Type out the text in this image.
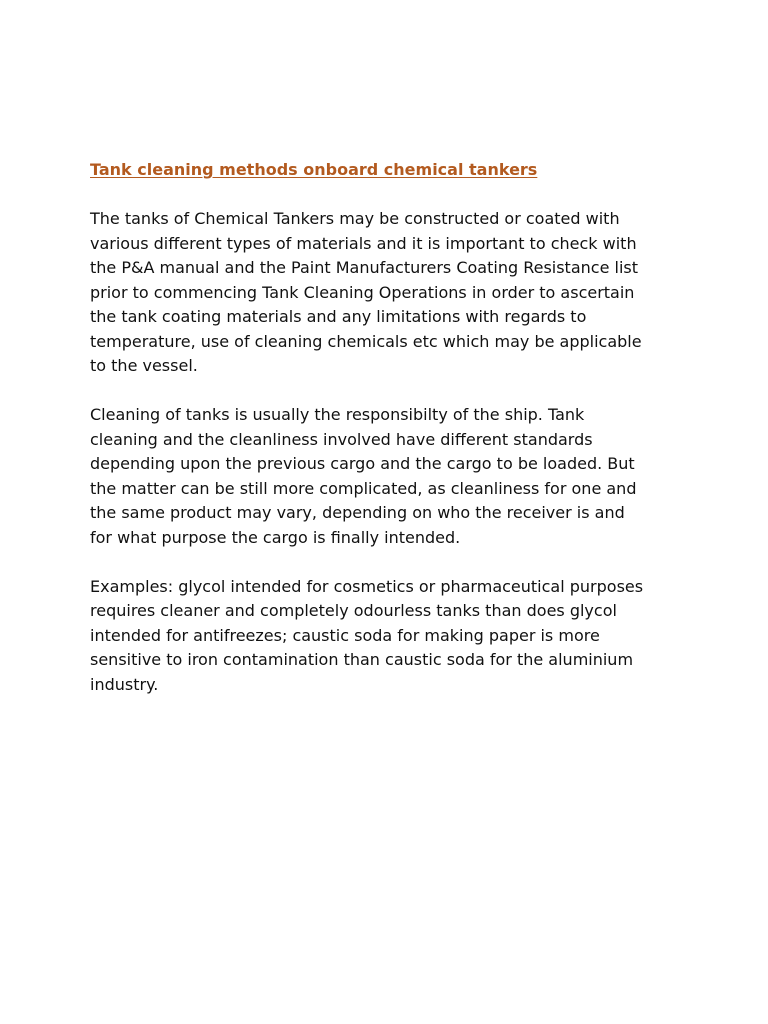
Tank cleaning methods onboard chemical tankers

The tanks of Chemical Tankers may be constructed or coated with
various different types of materials and it is important to check with
the P&A manual and the Paint Manufacturers Coating Resistance list
prior to commencing Tank Cleaning Operations in order to ascertain
the tank coating materials and any limitations with regards to
temperature, use of cleaning chemicals etc which may be applicable
to the vessel.

Cleaning of tanks is usually the responsibilty of the ship. Tank
cleaning and the cleanliness involved have different standards
depending upon the previous cargo and the cargo to be loaded. But
the matter can be still more complicated, as cleanliness for one and
the same product may vary, depending on who the receiver is and
for what purpose the cargo is finally intended.

Examples: glycol intended for cosmetics or pharmaceutical purposes
requires cleaner and completely odourless tanks than does glycol
intended for antifreezes; caustic soda for making paper is more
sensitive to iron contamination than caustic soda for the aluminium
industry.
